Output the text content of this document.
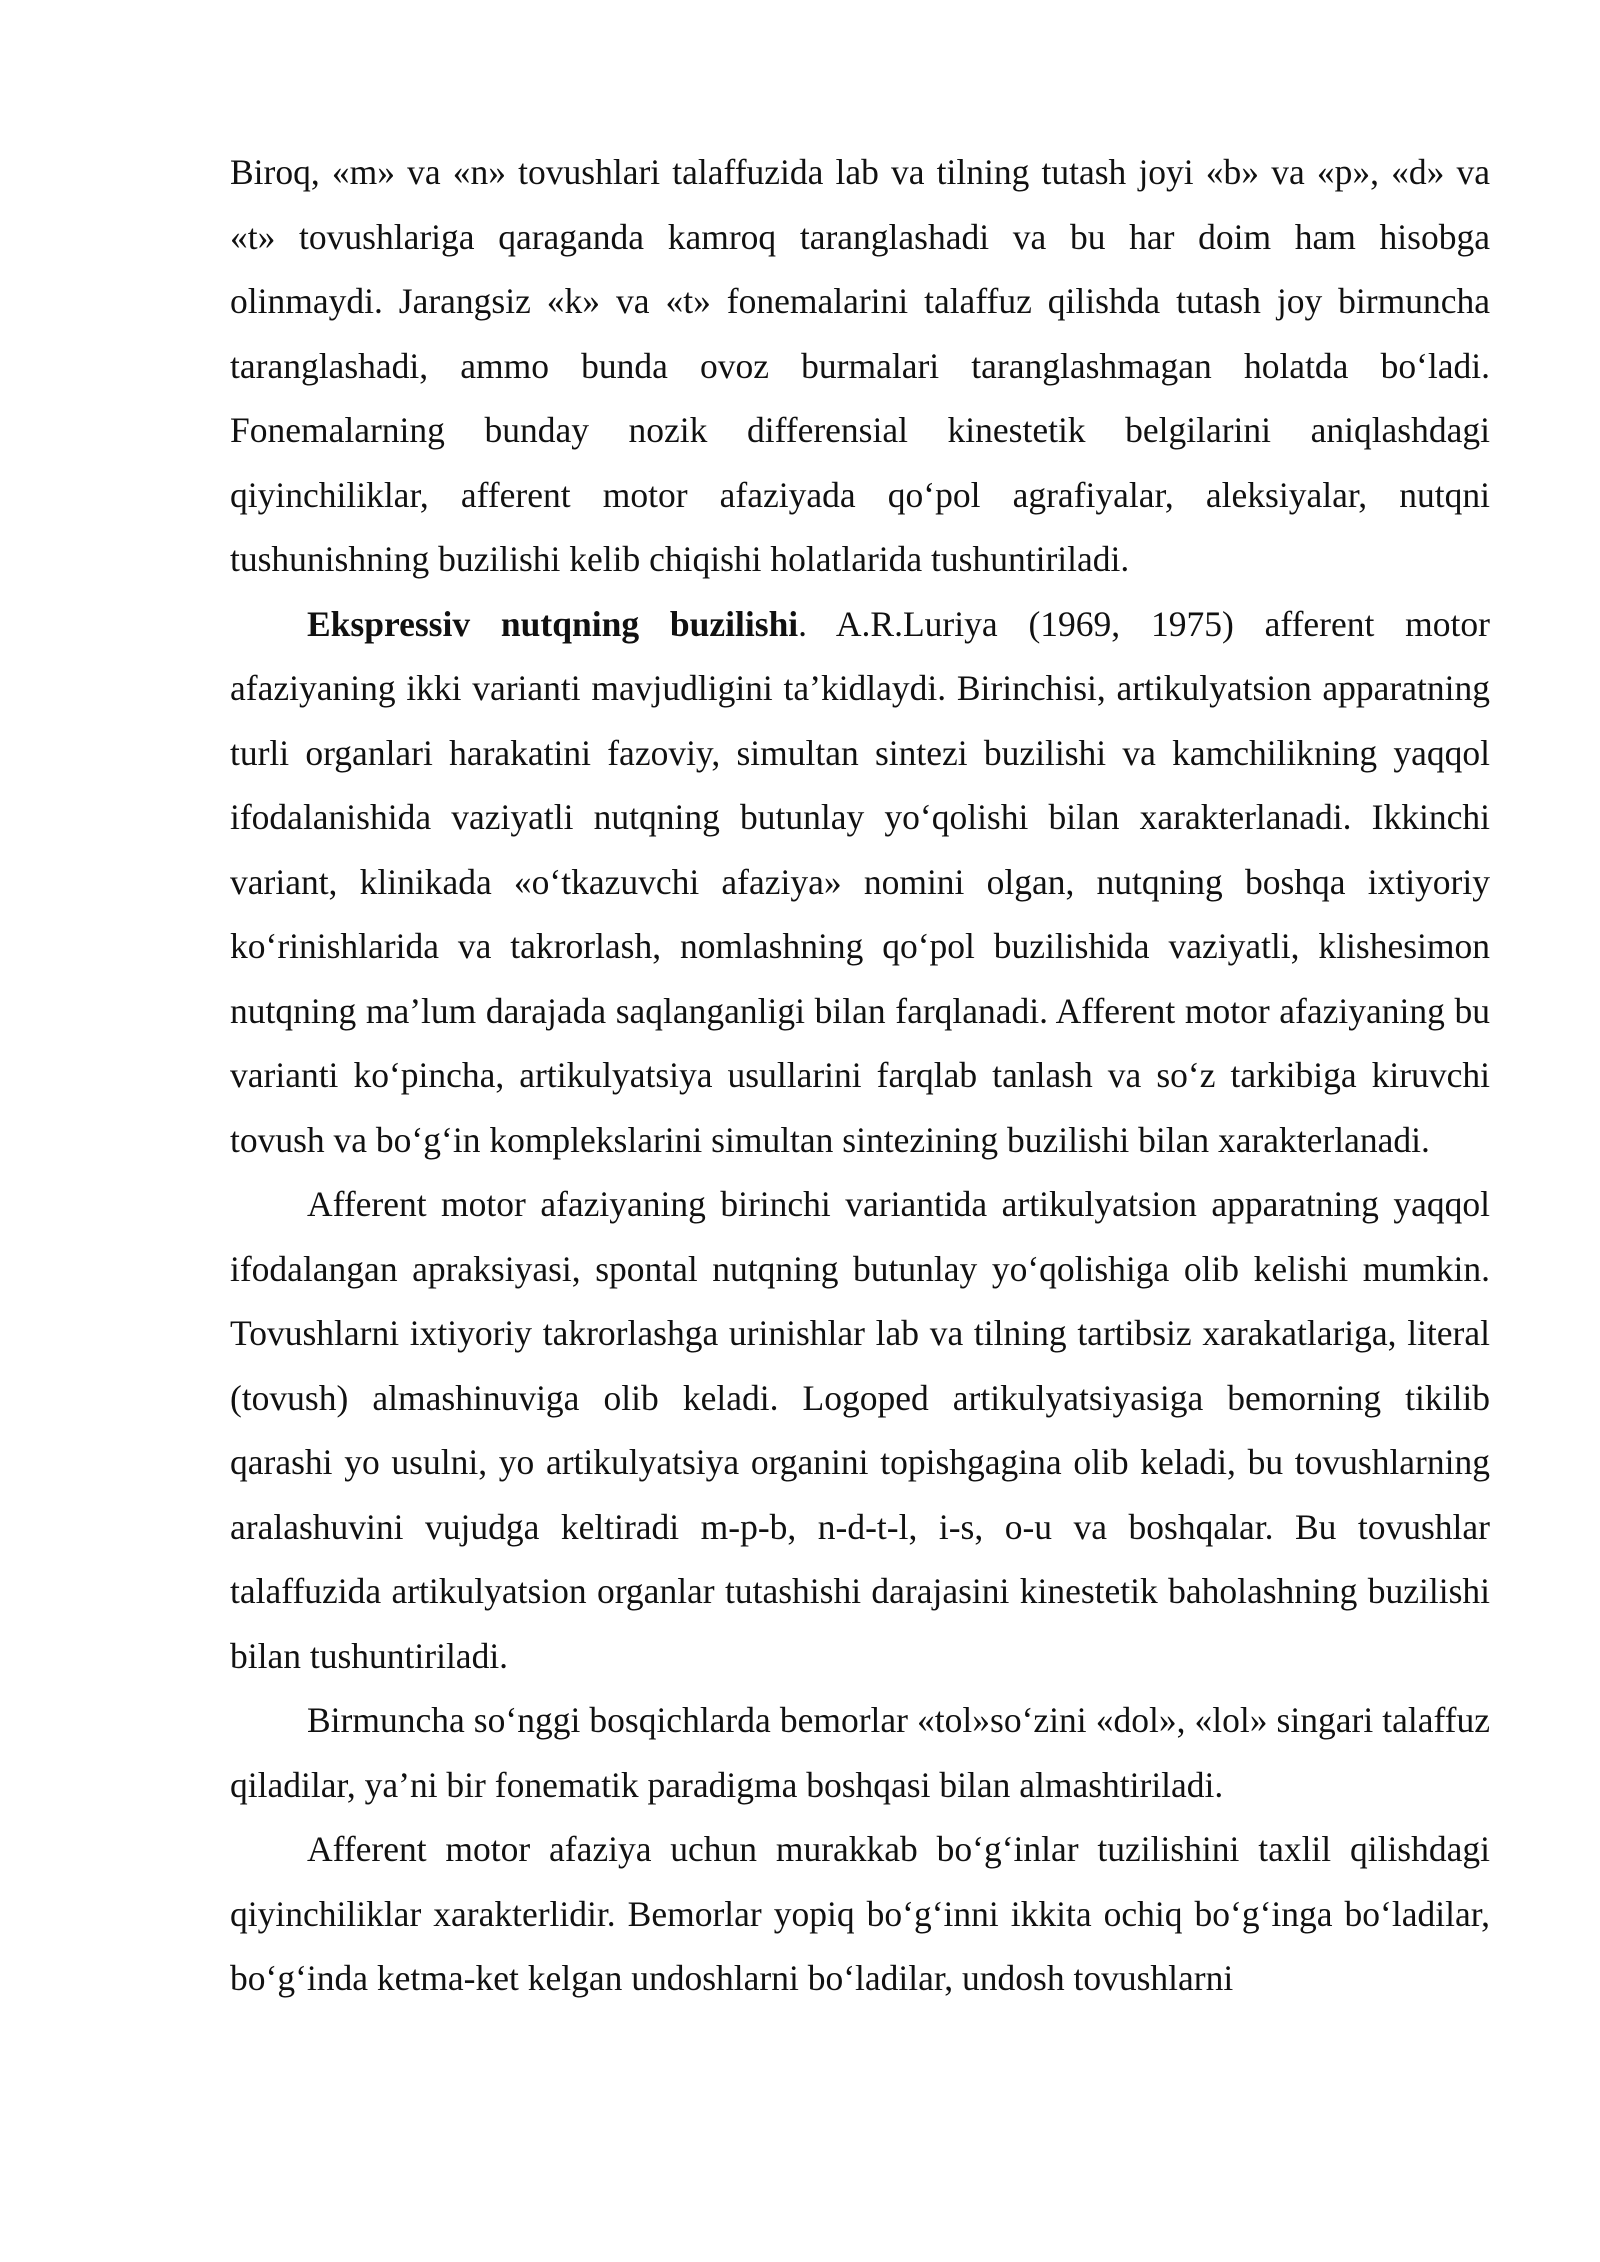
Biroq, «m» va «n» tovushlari talaffuzida lab va tilning tutash joyi «b» va «p», «d» va «t» tovushlariga qaraganda kamroq taranglashadi va bu har doim ham hisobga olinmaydi. Jarangsiz «k» va «t» fonemalarini talaffuz qilishda tutash joy birmuncha taranglashadi, ammo bunda ovoz burmalari taranglashmagan holatda bo‘ladi. Fonemalarning bunday nozik differensial kinestetik belgilarini aniqlashdagi qiyinchiliklar, afferent motor afaziyada qo‘pol agrafiyalar, aleksiyalar, nutqni tushunishning buzilishi kelib chiqishi holatlarida tushuntiriladi.

Ekspressiv nutqning buzilishi. A.R.Luriya (1969, 1975) afferent motor afaziyaning ikki varianti mavjudligini ta’kidlaydi. Birinchisi, artikulyatsion apparatning turli organlari harakatini fazoviy, simultan sintezi buzilishi va kamchilikning yaqqol ifodalanishida vaziyatli nutqning butunlay yo‘qolishi bilan xarakterlanadi. Ikkinchi variant, klinikada «o‘tkazuvchi afaziya» nomini olgan, nutqning boshqa ixtiyoriy ko‘rinishlarida va takrorlash, nomlashning qo‘pol buzilishida vaziyatli, klishesimon nutqning ma’lum darajada saqlanganligi bilan farqlanadi. Afferent motor afaziyaning bu varianti ko‘pincha, artikulyatsiya usullarini farqlab tanlash va so‘z tarkibiga kiruvchi tovush va bo‘g‘in komplekslarini simultan sintezining buzilishi bilan xarakterlanadi.

Afferent motor afaziyaning birinchi variantida artikulyatsion apparatning yaqqol ifodalangan apraksiyasi, spontal nutqning butunlay yo‘qolishiga olib kelishi mumkin. Tovushlarni ixtiyoriy takrorlashga urinishlar lab va tilning tartibsiz xarakatlariga, literal (tovush) almashinuviga olib keladi. Logoped artikulyatsiyasiga bemorning tikilib qarashi yo usulni, yo artikulyatsiya organini topishgagina olib keladi, bu tovushlarning aralashuvini vujudga keltiradi m-p-b, n-d-t-l, i-s, o-u va boshqalar. Bu tovushlar talaffuzida artikulyatsion organlar tutashishi darajasini kinestetik baholashning buzilishi bilan tushuntiriladi.

Birmuncha so‘nggi bosqichlarda bemorlar «tol»so‘zini «dol», «lol» singari talaffuz qiladilar, ya’ni bir fonematik paradigma boshqasi bilan almashtiriladi.

Afferent motor afaziya uchun murakkab bo‘g‘inlar tuzilishini taxlil qilishdagi qiyinchiliklar xarakterlidir. Bemorlar yopiq bo‘g‘inni ikkita ochiq bo‘g‘inga bo‘ladilar, bo‘g‘inda ketma-ket kelgan undoshlarni bo‘ladilar, undosh tovushlarni
